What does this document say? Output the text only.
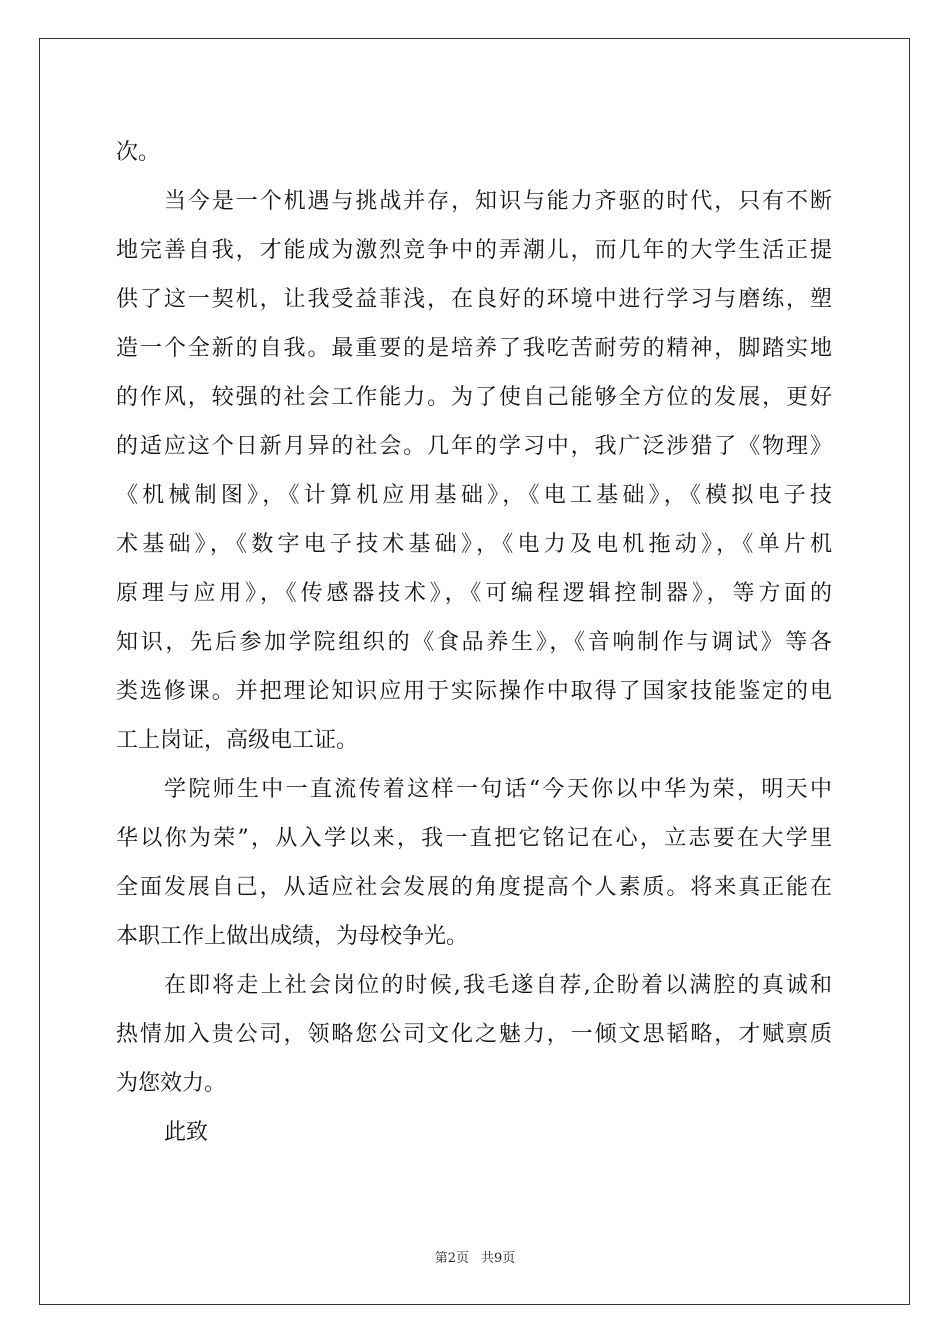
次。
当今是一个机遇与挑战并存，知识与能力齐驱的时代，只有不断
地完善自我，才能成为激烈竞争中的弄潮儿，而几年的大学生活正提
供了这一契机，让我受益菲浅，在良好的环境中进行学习与磨练，塑
造一个全新的自我。最重要的是培养了我吃苦耐劳的精神，脚踏实地
的作风，较强的社会工作能力。为了使自己能够全方位的发展，更好
的适应这个日新月异的社会。几年的学习中，我广泛涉猎了《物理》
《机械制图》，《计算机应用基础》，《电工基础》，《模拟电子技
术基础》，《数字电子技术基础》，《电力及电机拖动》，《单片机
原理与应用》，《传感器技术》，《可编程逻辑控制器》，等方面的
知识，先后参加学院组织的《食品养生》，《音响制作与调试》等各
类选修课。并把理论知识应用于实际操作中取得了国家技能鉴定的电
工上岗证，高级电工证。
学院师生中一直流传着这样一句话“今天你以中华为荣，明天中
华以你为荣”，从入学以来，我一直把它铭记在心，立志要在大学里
全面发展自己，从适应社会发展的角度提高个人素质。将来真正能在
本职工作上做出成绩，为母校争光。
在即将走上社会岗位的时候,我毛遂自荐,企盼着以满腔的真诚和
热情加入贵公司，领略您公司文化之魅力，一倾文思韬略，才赋禀质
为您效力。
此致
第2页 共9页
